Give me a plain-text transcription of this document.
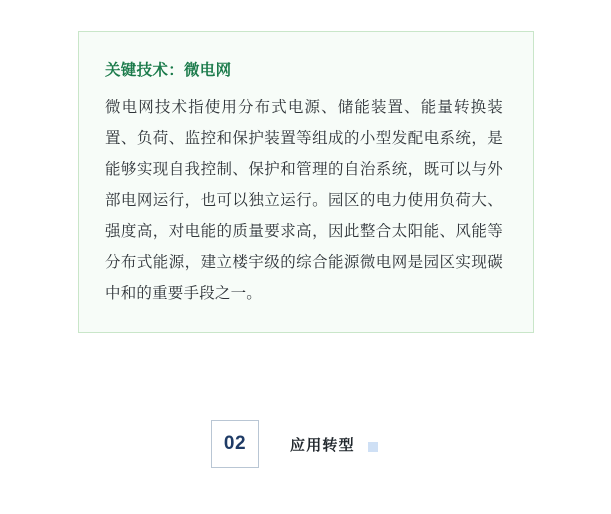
关键技术：微电网

微电网技术指使用分布式电源、储能装置、能量转换装置、负荷、监控和保护装置等组成的小型发配电系统，是能够实现自我控制、保护和管理的自治系统，既可以与外部电网运行，也可以独立运行。园区的电力使用负荷大、强度高，对电能的质量要求高，因此整合太阳能、风能等分布式能源，建立楼宇级的综合能源微电网是园区实现碳中和的重要手段之一。

02	应用转型
